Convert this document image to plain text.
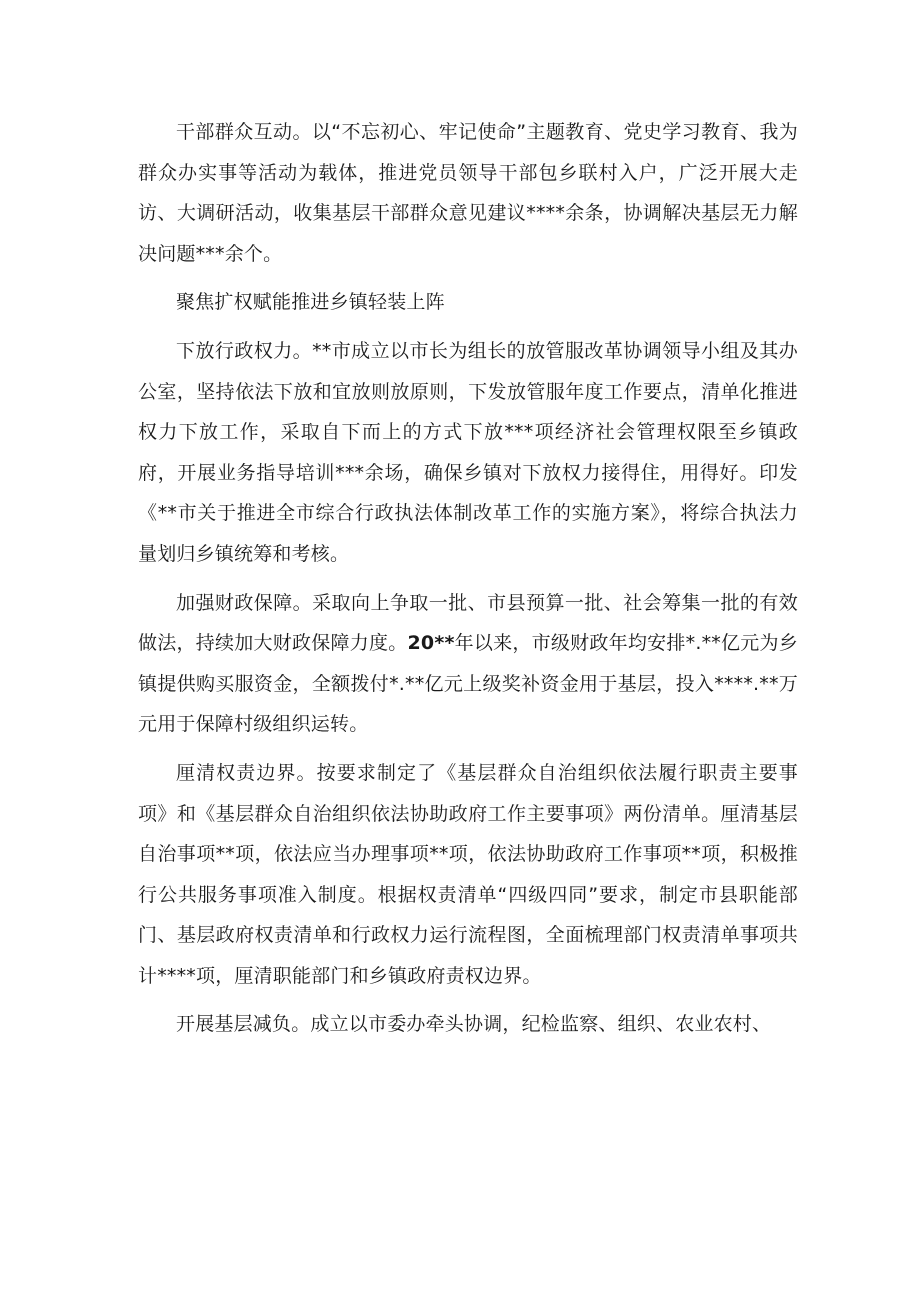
干部群众互动。以“不忘初心、牢记使命”主题教育、党史学习教育、我为群众办实事等活动为载体，推进党员领导干部包乡联村入户，广泛开展大走访、大调研活动，收集基层干部群众意见建议****余条，协调解决基层无力解决问题***余个。

聚焦扩权赋能推进乡镇轻装上阵

下放行政权力。**市成立以市长为组长的放管服改革协调领导小组及其办公室，坚持依法下放和宜放则放原则，下发放管服年度工作要点，清单化推进权力下放工作，采取自下而上的方式下放***项经济社会管理权限至乡镇政府，开展业务指导培训***余场，确保乡镇对下放权力接得住，用得好。印发《**市关于推进全市综合行政执法体制改革工作的实施方案》，将综合执法力量划归乡镇统筹和考核。

加强财政保障。采取向上争取一批、市县预算一批、社会筹集一批的有效做法，持续加大财政保障力度。20**年以来，市级财政年均安排*.**亿元为乡镇提供购买服资金，全额拨付*.**亿元上级奖补资金用于基层，投入****.**万元用于保障村级组织运转。

厘清权责边界。按要求制定了《基层群众自治组织依法履行职责主要事项》和《基层群众自治组织依法协助政府工作主要事项》两份清单。厘清基层自治事项**项，依法应当办理事项**项，依法协助政府工作事项**项，积极推行公共服务事项准入制度。根据权责清单“四级四同”要求，制定市县职能部门、基层政府权责清单和行政权力运行流程图，全面梳理部门权责清单事项共计****项，厘清职能部门和乡镇政府责权边界。

开展基层减负。成立以市委办牵头协调，纪检监察、组织、农业农村、
